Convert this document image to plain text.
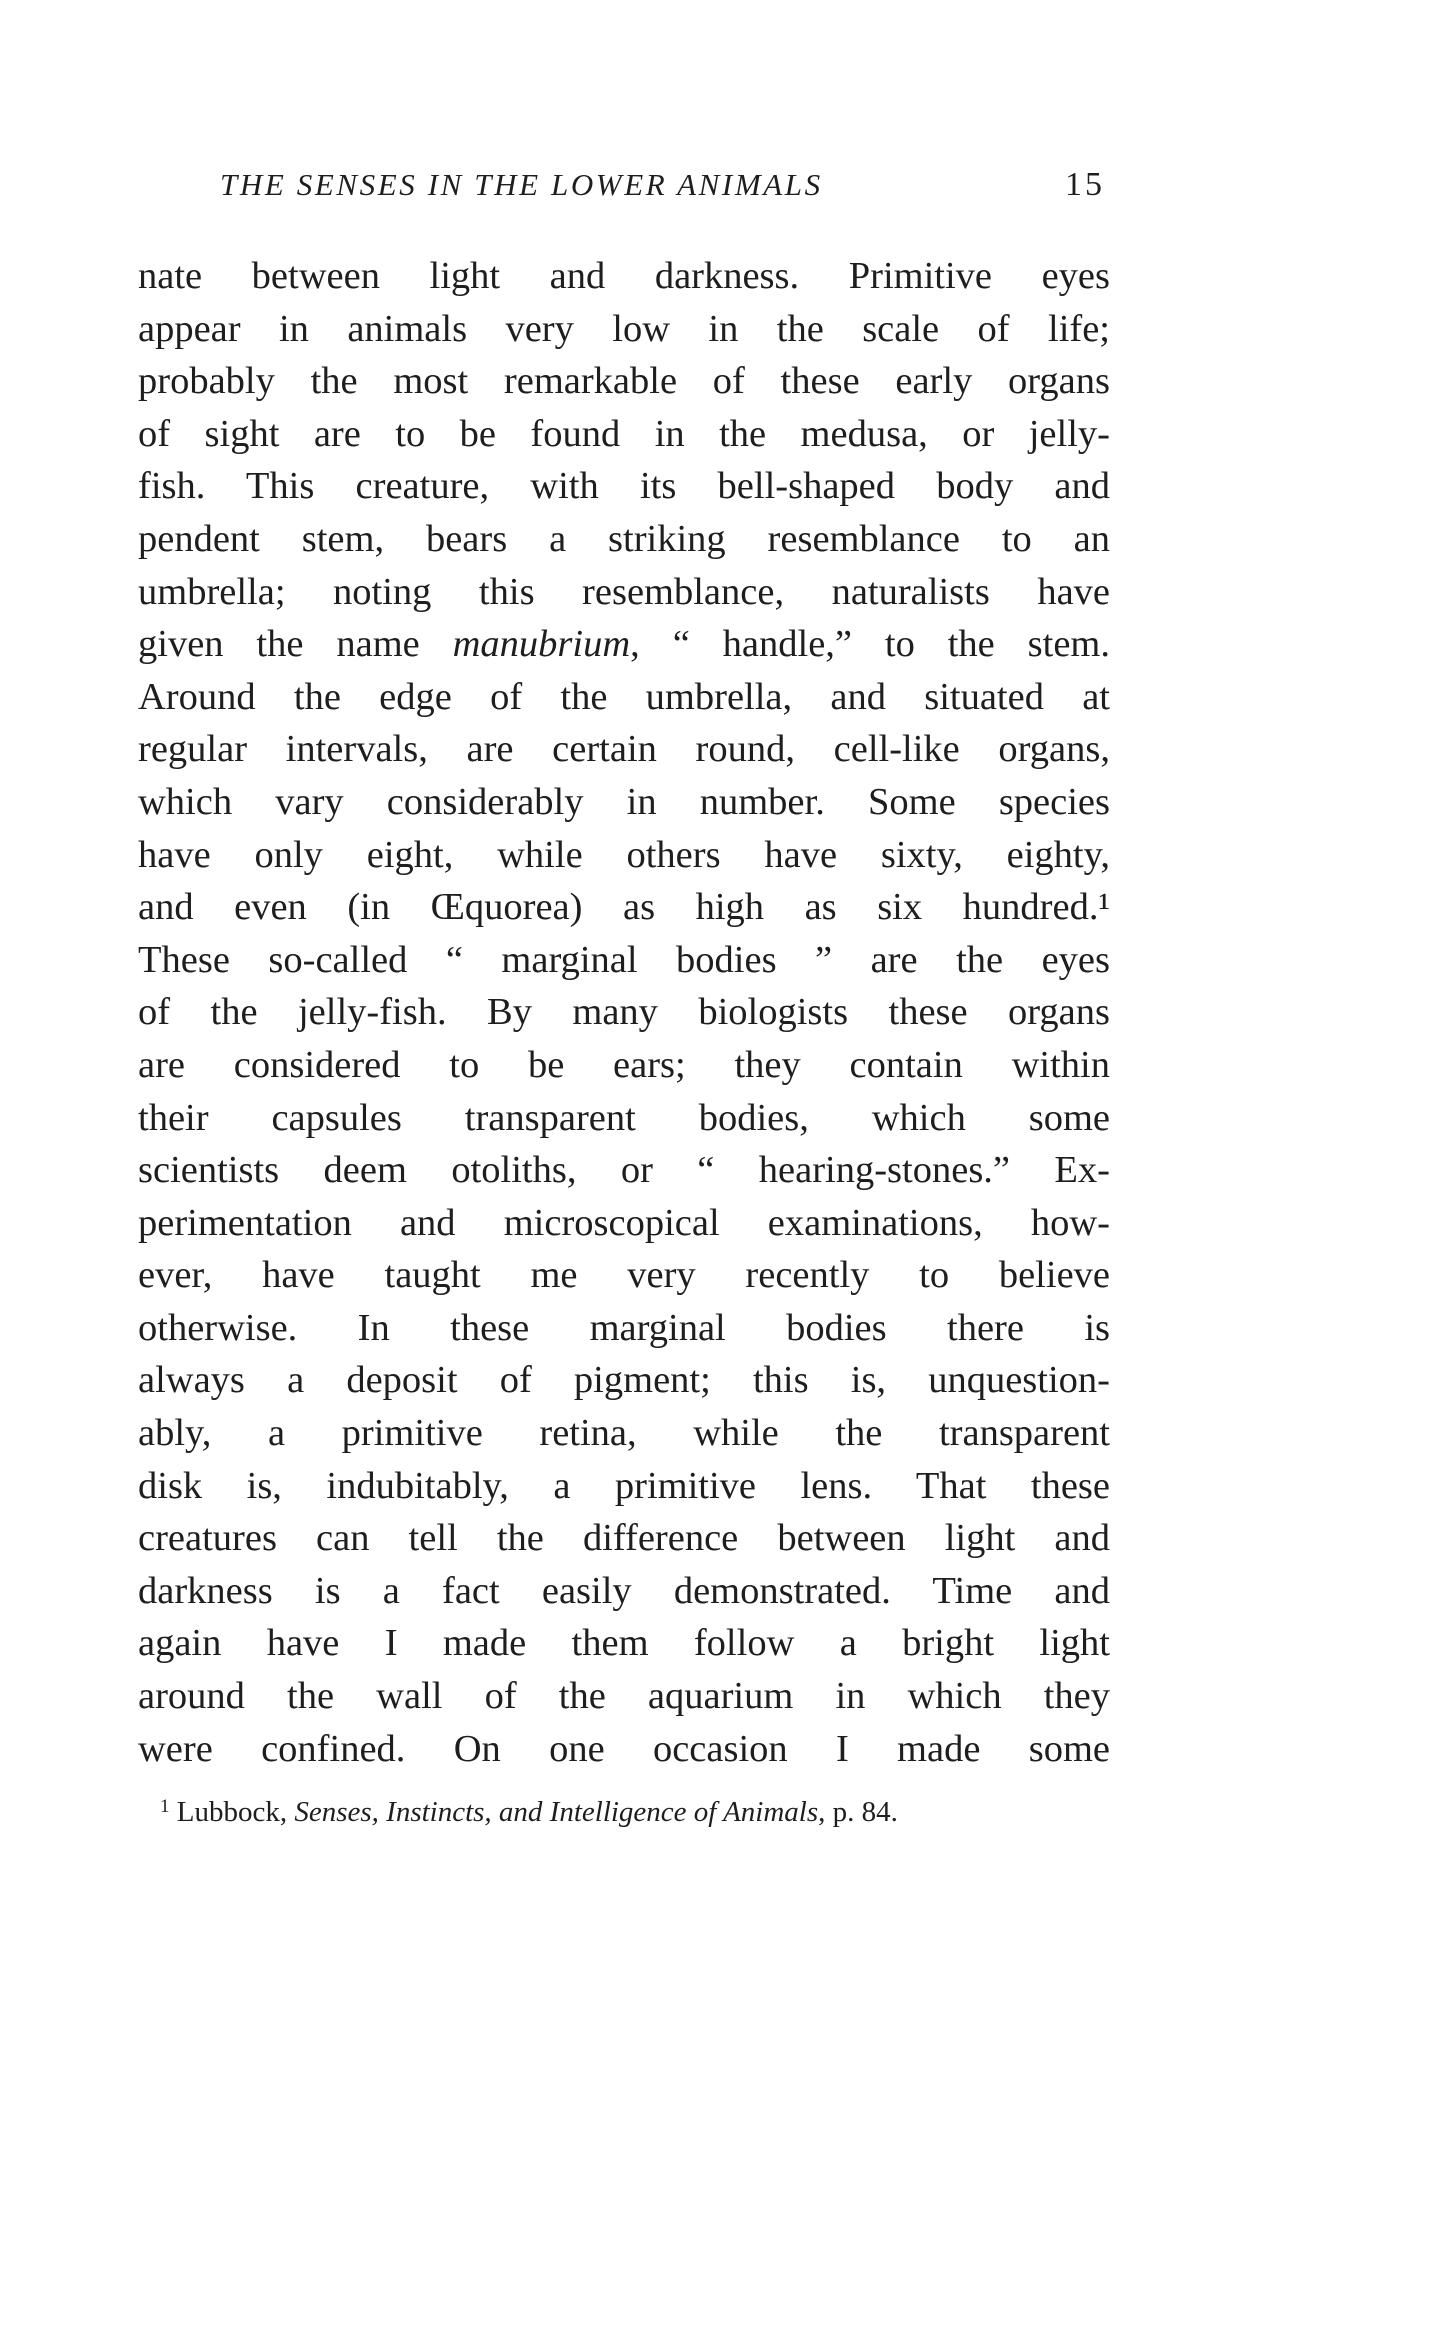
THE SENSES IN THE LOWER ANIMALS	15
nate between light and darkness. Primitive eyes
appear in animals very low in the scale of life;
probably the most remarkable of these early organs
of sight are to be found in the medusa, or jelly-
fish. This creature, with its bell-shaped body and
pendent stem, bears a striking resemblance to an
umbrella; noting this resemblance, naturalists have
given the name manubrium, “ handle,” to the stem.
Around the edge of the umbrella, and situated at
regular intervals, are certain round, cell-like organs,
which vary considerably in number. Some species
have only eight, while others have sixty, eighty,
and even (in Œquorea) as high as six hundred.¹
These so-called “ marginal bodies ” are the eyes
of the jelly-fish. By many biologists these organs
are considered to be ears; they contain within
their capsules transparent bodies, which some
scientists deem otoliths, or “ hearing-stones.” Ex-
perimentation and microscopical examinations, how-
ever, have taught me very recently to believe
otherwise. In these marginal bodies there is
always a deposit of pigment; this is, unquestion-
ably, a primitive retina, while the transparent
disk is, indubitably, a primitive lens. That these
creatures can tell the difference between light and
darkness is a fact easily demonstrated. Time and
again have I made them follow a bright light
around the wall of the aquarium in which they
were confined. On one occasion I made some
$^1$ Lubbock, Senses, Instincts, and Intelligence of Animals, p. 84.
